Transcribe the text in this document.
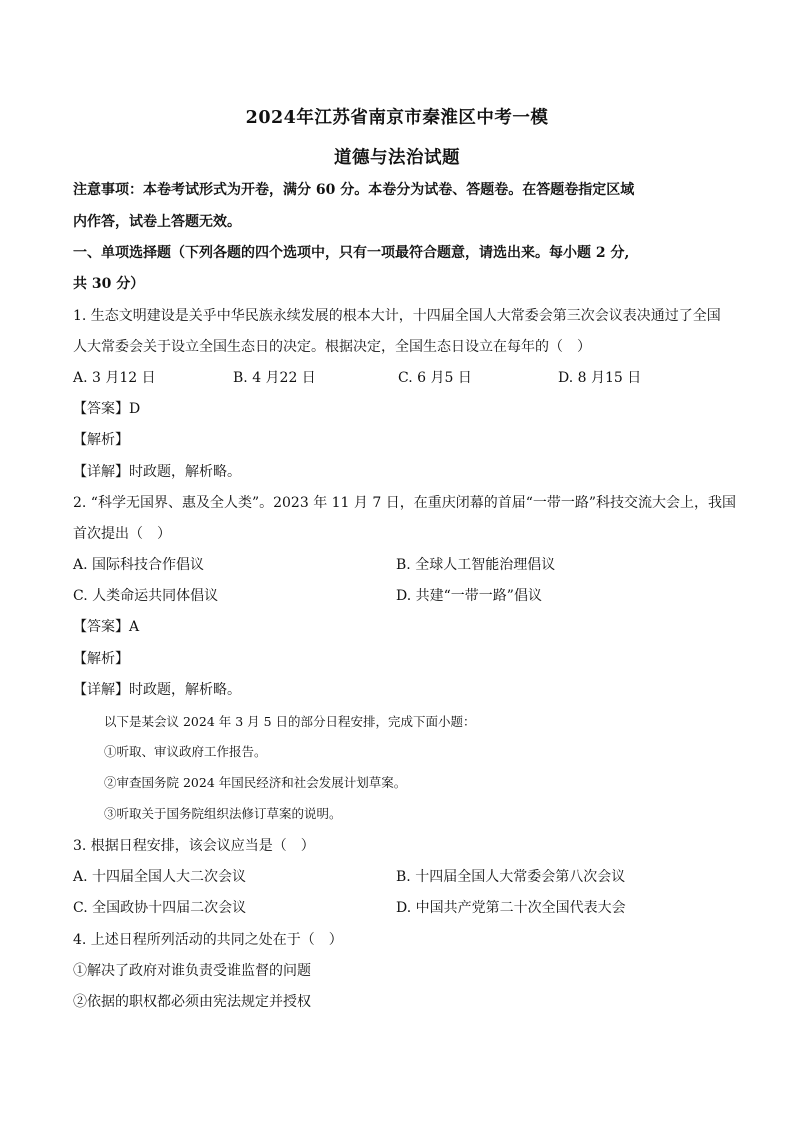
2024年江苏省南京市秦淮区中考一模
道德与法治试题
注意事项：本卷考试形式为开卷，满分 60 分。本卷分为试卷、答题卷。在答题卷指定区域
内作答，试卷上答题无效。
一、单项选择题（下列各题的四个选项中，只有一项最符合题意，请选出来。每小题 2 分,
共 30 分）
1. 生态文明建设是关乎中华民族永续发展的根本大计，十四届全国人大常委会第三次会议表决通过了全国
人大常委会关于设立全国生态日的决定。根据决定，全国生态日设立在每年的（　）
A. 3 月12 日	B. 4 月22 日	C. 6 月5 日	D. 8 月15 日
【答案】D
【解析】
【详解】时政题，解析略。
2. “科学无国界、惠及全人类”。2023 年 11 月 7 日，在重庆闭幕的首届“一带一路”科技交流大会上，我国
首次提出（　）
A. 国际科技合作倡议	B. 全球人工智能治理倡议
C. 人类命运共同体倡议	D. 共建“一带一路”倡议
【答案】A
【解析】
【详解】时政题，解析略。
以下是某会议 2024 年 3 月 5 日的部分日程安排，完成下面小题：
①听取、审议政府工作报告。
②审查国务院 2024 年国民经济和社会发展计划草案。
③听取关于国务院组织法修订草案的说明。
3. 根据日程安排，该会议应当是（　）
A. 十四届全国人大二次会议	B. 十四届全国人大常委会第八次会议
C. 全国政协十四届二次会议	D. 中国共产党第二十次全国代表大会
4. 上述日程所列活动的共同之处在于（　）
①解决了政府对谁负责受谁监督的问题
②依据的职权都必须由宪法规定并授权
